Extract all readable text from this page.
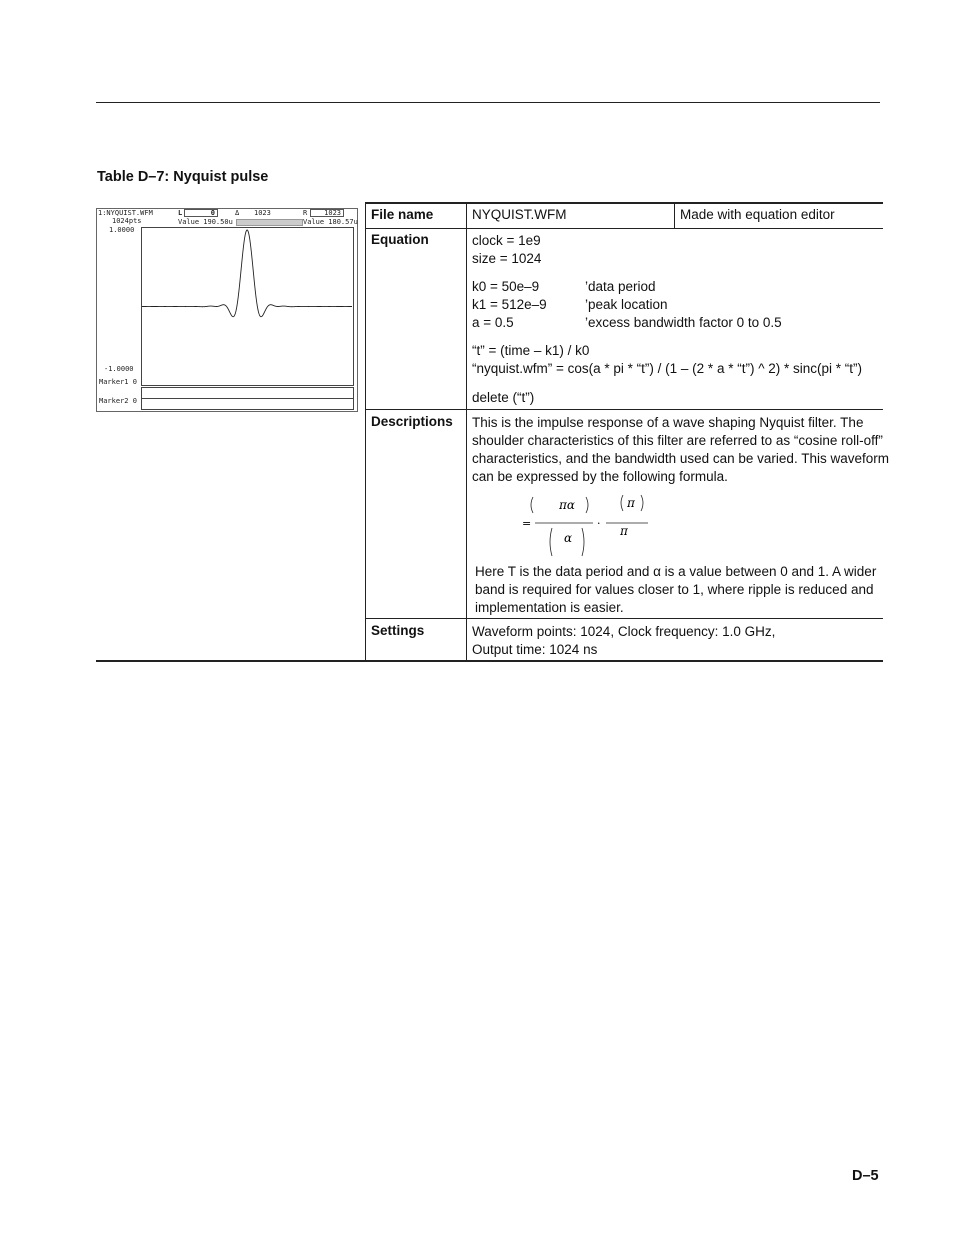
Table D–7: Nyquist pulse
1:NYQUIST.WFM
1024pts
1.0000
L	0	Δ 1023	R 1023
Value 190.50u	Value 180.57u
-1.0000
Marker1 0
Marker2 0
File name	NYQUIST.WFM	Made with equation editor
Equation	clock = 1e9
size = 1024
k0 = 50e–9	’data period
k1 = 512e–9	’peak location
a = 0.5	’excess bandwidth factor 0 to 0.5
“t” = (time – k1) / k0
“nyquist.wfm” = cos(a * pi * “t”) / (1 – (2 * a * “t”) ^ 2) * sinc(pi * “t”)
delete (“t”)
Descriptions This is the impulse response of a wave shaping Nyquist filter. The
shoulder characteristics of this filter are referred to as “cosine roll-off”
characteristics, and the bandwidth used can be varied. This waveform
can be expressed by the following formula.
=
πα
α
·
π
π
Here T is the data period and α is a value between 0 and 1. A wider
band is required for values closer to 1, where ripple is reduced and
implementation is easier.
Settings	Waveform points: 1024, Clock frequency: 1.0 GHz,
Output time: 1024 ns
D–5
